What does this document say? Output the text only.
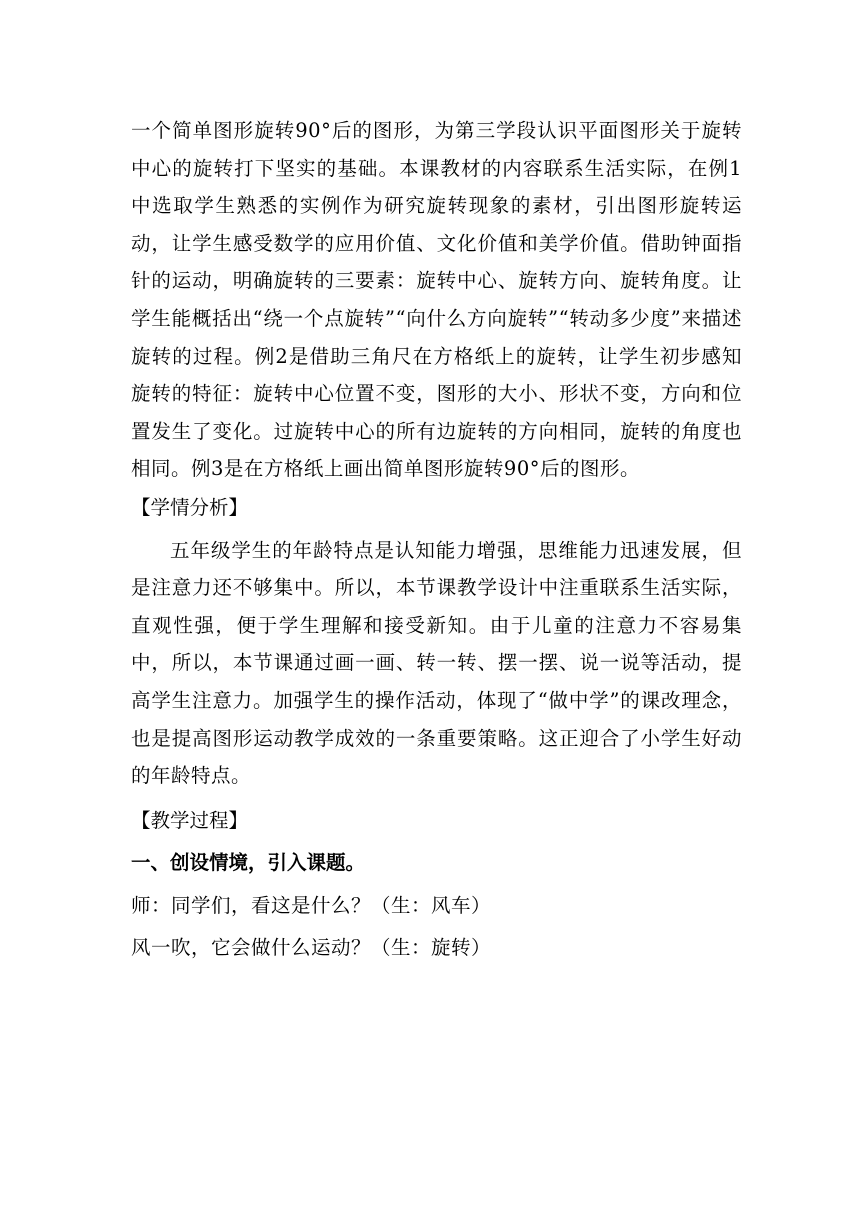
一个简单图形旋转90°后的图形，为第三学段认识平面图形关于旋转中心的旋转打下坚实的基础。本课教材的内容联系生活实际，在例1中选取学生熟悉的实例作为研究旋转现象的素材，引出图形旋转运动，让学生感受数学的应用价值、文化价值和美学价值。借助钟面指针的运动，明确旋转的三要素：旋转中心、旋转方向、旋转角度。让学生能概括出“绕一个点旋转”“向什么方向旋转”“转动多少度”来描述旋转的过程。例2是借助三角尺在方格纸上的旋转，让学生初步感知旋转的特征：旋转中心位置不变，图形的大小、形状不变，方向和位置发生了变化。过旋转中心的所有边旋转的方向相同，旋转的角度也相同。例3是在方格纸上画出简单图形旋转90°后的图形。

【学情分析】

五年级学生的年龄特点是认知能力增强，思维能力迅速发展，但是注意力还不够集中。所以，本节课教学设计中注重联系生活实际，直观性强，便于学生理解和接受新知。由于儿童的注意力不容易集中，所以，本节课通过画一画、转一转、摆一摆、说一说等活动，提高学生注意力。加强学生的操作活动，体现了“做中学”的课改理念，也是提高图形运动教学成效的一条重要策略。这正迎合了小学生好动的年龄特点。

【教学过程】

一、创设情境，引入课题。

师：同学们，看这是什么？（生：风车）

风一吹，它会做什么运动？（生：旋转）
